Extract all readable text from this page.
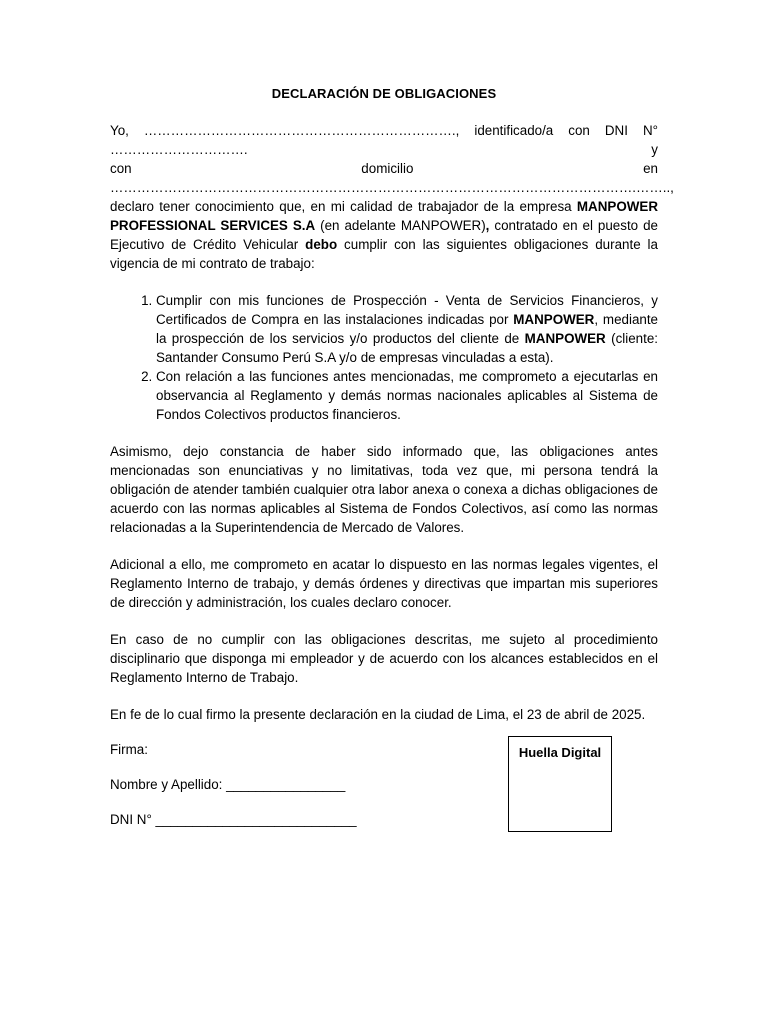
DECLARACIÓN DE OBLIGACIONES

Yo, ……………………………………………………………., identificado/a con DNI N° …………………………. y
con domicilio en ……………………………………………………………………………………………………….……..,
declaro tener conocimiento que, en mi calidad de trabajador de la empresa MANPOWER PROFESSIONAL SERVICES S.A (en adelante MANPOWER), contratado en el puesto de Ejecutivo de Crédito Vehicular debo cumplir con las siguientes obligaciones durante la vigencia de mi contrato de trabajo:

1. Cumplir con mis funciones de Prospección - Venta de Servicios Financieros, y Certificados de Compra en las instalaciones indicadas por MANPOWER, mediante la prospección de los servicios y/o productos del cliente de MANPOWER (cliente: Santander Consumo Perú S.A y/o de empresas vinculadas a esta).
2. Con relación a las funciones antes mencionadas, me comprometo a ejecutarlas en observancia al Reglamento y demás normas nacionales aplicables al Sistema de Fondos Colectivos productos financieros.

Asimismo, dejo constancia de haber sido informado que, las obligaciones antes mencionadas son enunciativas y no limitativas, toda vez que, mi persona tendrá la obligación de atender también cualquier otra labor anexa o conexa a dichas obligaciones de acuerdo con las normas aplicables al Sistema de Fondos Colectivos, así como las normas relacionadas a la Superintendencia de Mercado de Valores.

Adicional a ello, me comprometo en acatar lo dispuesto en las normas legales vigentes, el Reglamento Interno de trabajo, y demás órdenes y directivas que impartan mis superiores de dirección y administración, los cuales declaro conocer.

En caso de no cumplir con las obligaciones descritas, me sujeto al procedimiento disciplinario que disponga mi empleador y de acuerdo con los alcances establecidos en el Reglamento Interno de Trabajo.

En fe de lo cual firmo la presente declaración en la ciudad de Lima, el 23 de abril de 2025.

Firma:
Nombre y Apellido: ________________
DNI N° ___________________________
Huella Digital
